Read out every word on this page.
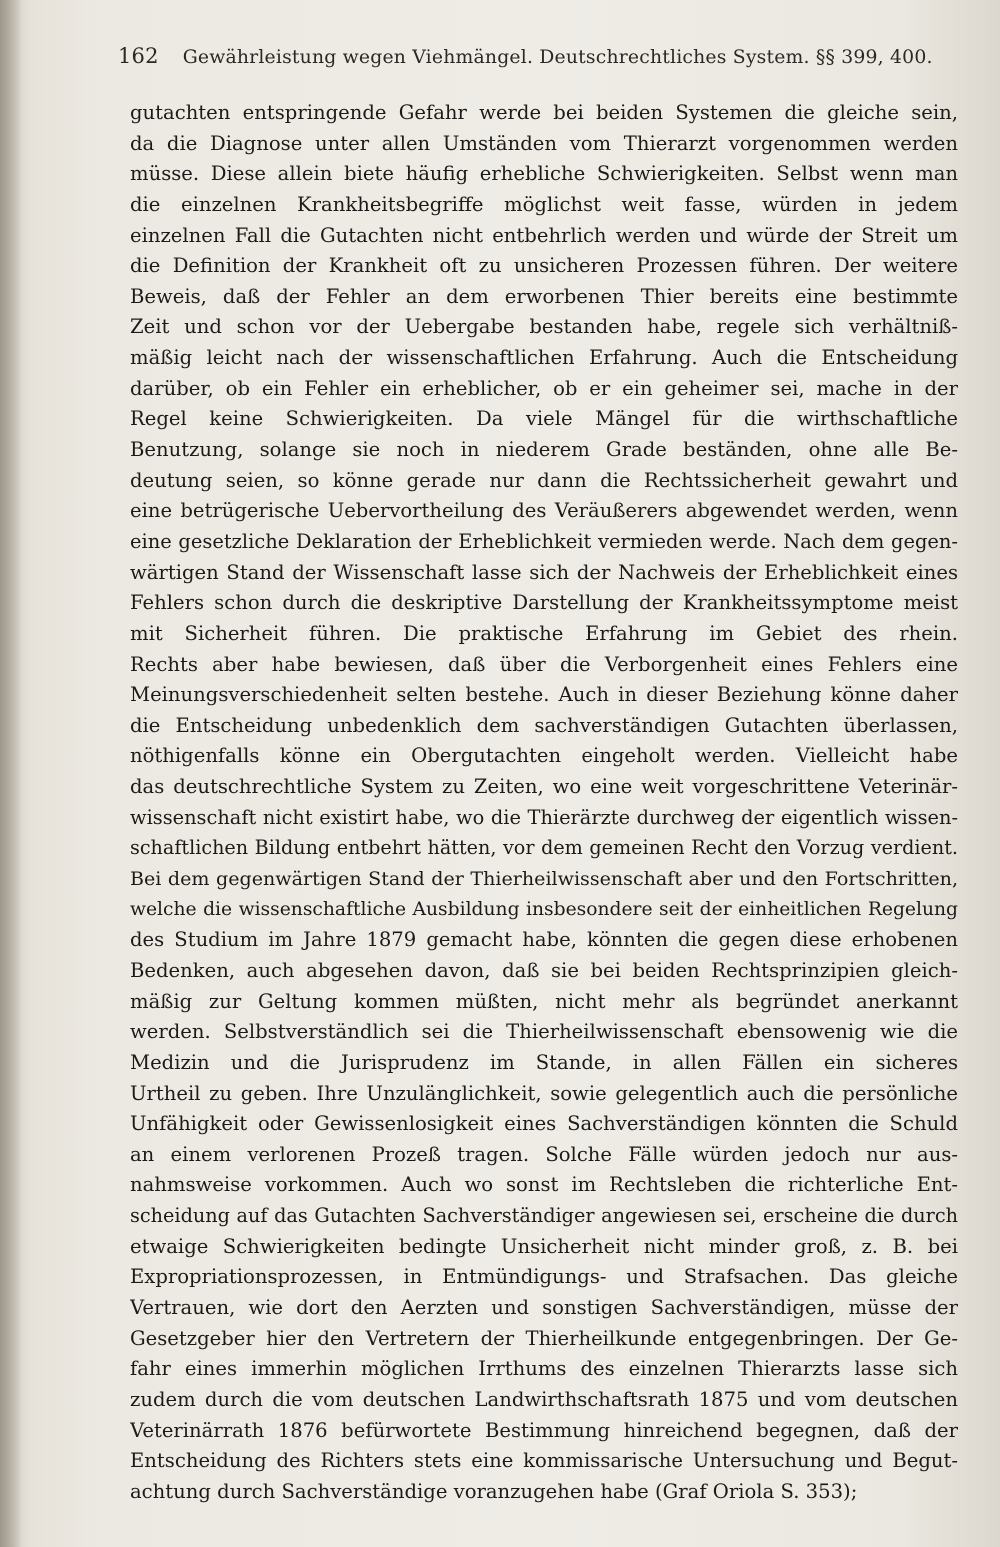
162 Gewährleistung wegen Viehmängel. Deutschrechtliches System. §§ 399, 400.
gutachten entspringende Gefahr werde bei beiden Systemen die gleiche sein,
da die Diagnose unter allen Umständen vom Thierarzt vorgenommen werden
müsse. Diese allein biete häufig erhebliche Schwierigkeiten. Selbst wenn man
die einzelnen Krankheitsbegriffe möglichst weit fasse, würden in jedem
einzelnen Fall die Gutachten nicht entbehrlich werden und würde der Streit um
die Definition der Krankheit oft zu unsicheren Prozessen führen. Der weitere
Beweis, daß der Fehler an dem erworbenen Thier bereits eine bestimmte
Zeit und schon vor der Uebergabe bestanden habe, regele sich verhältniß-
mäßig leicht nach der wissenschaftlichen Erfahrung. Auch die Entscheidung
darüber, ob ein Fehler ein erheblicher, ob er ein geheimer sei, mache in der
Regel keine Schwierigkeiten. Da viele Mängel für die wirthschaftliche
Benutzung, solange sie noch in niederem Grade beständen, ohne alle Be-
deutung seien, so könne gerade nur dann die Rechtssicherheit gewahrt und
eine betrügerische Uebervortheilung des Veräußerers abgewendet werden, wenn
eine gesetzliche Deklaration der Erheblichkeit vermieden werde. Nach dem gegen-
wärtigen Stand der Wissenschaft lasse sich der Nachweis der Erheblichkeit eines
Fehlers schon durch die deskriptive Darstellung der Krankheitssymptome meist
mit Sicherheit führen. Die praktische Erfahrung im Gebiet des rhein.
Rechts aber habe bewiesen, daß über die Verborgenheit eines Fehlers eine
Meinungsverschiedenheit selten bestehe. Auch in dieser Beziehung könne daher
die Entscheidung unbedenklich dem sachverständigen Gutachten überlassen,
nöthigenfalls könne ein Obergutachten eingeholt werden. Vielleicht habe
das deutschrechtliche System zu Zeiten, wo eine weit vorgeschrittene Veterinär-
wissenschaft nicht existirt habe, wo die Thierärzte durchweg der eigentlich wissen-
schaftlichen Bildung entbehrt hätten, vor dem gemeinen Recht den Vorzug verdient.
Bei dem gegenwärtigen Stand der Thierheilwissenschaft aber und den Fortschritten,
welche die wissenschaftliche Ausbildung insbesondere seit der einheitlichen Regelung
des Studium im Jahre 1879 gemacht habe, könnten die gegen diese erhobenen
Bedenken, auch abgesehen davon, daß sie bei beiden Rechtsprinzipien gleich-
mäßig zur Geltung kommen müßten, nicht mehr als begründet anerkannt
werden. Selbstverständlich sei die Thierheilwissenschaft ebensowenig wie die
Medizin und die Jurisprudenz im Stande, in allen Fällen ein sicheres
Urtheil zu geben. Ihre Unzulänglichkeit, sowie gelegentlich auch die persönliche
Unfähigkeit oder Gewissenlosigkeit eines Sachverständigen könnten die Schuld
an einem verlorenen Prozeß tragen. Solche Fälle würden jedoch nur aus-
nahmsweise vorkommen. Auch wo sonst im Rechtsleben die richterliche Ent-
scheidung auf das Gutachten Sachverständiger angewiesen sei, erscheine die durch
etwaige Schwierigkeiten bedingte Unsicherheit nicht minder groß, z. B. bei
Expropriationsprozessen, in Entmündigungs- und Strafsachen. Das gleiche
Vertrauen, wie dort den Aerzten und sonstigen Sachverständigen, müsse der
Gesetzgeber hier den Vertretern der Thierheilkunde entgegenbringen. Der Ge-
fahr eines immerhin möglichen Irrthums des einzelnen Thierarzts lasse sich
zudem durch die vom deutschen Landwirthschaftsrath 1875 und vom deutschen
Veterinärrath 1876 befürwortete Bestimmung hinreichend begegnen, daß der
Entscheidung des Richters stets eine kommissarische Untersuchung und Begut-
achtung durch Sachverständige voranzugehen habe (Graf Oriola S. 353);
